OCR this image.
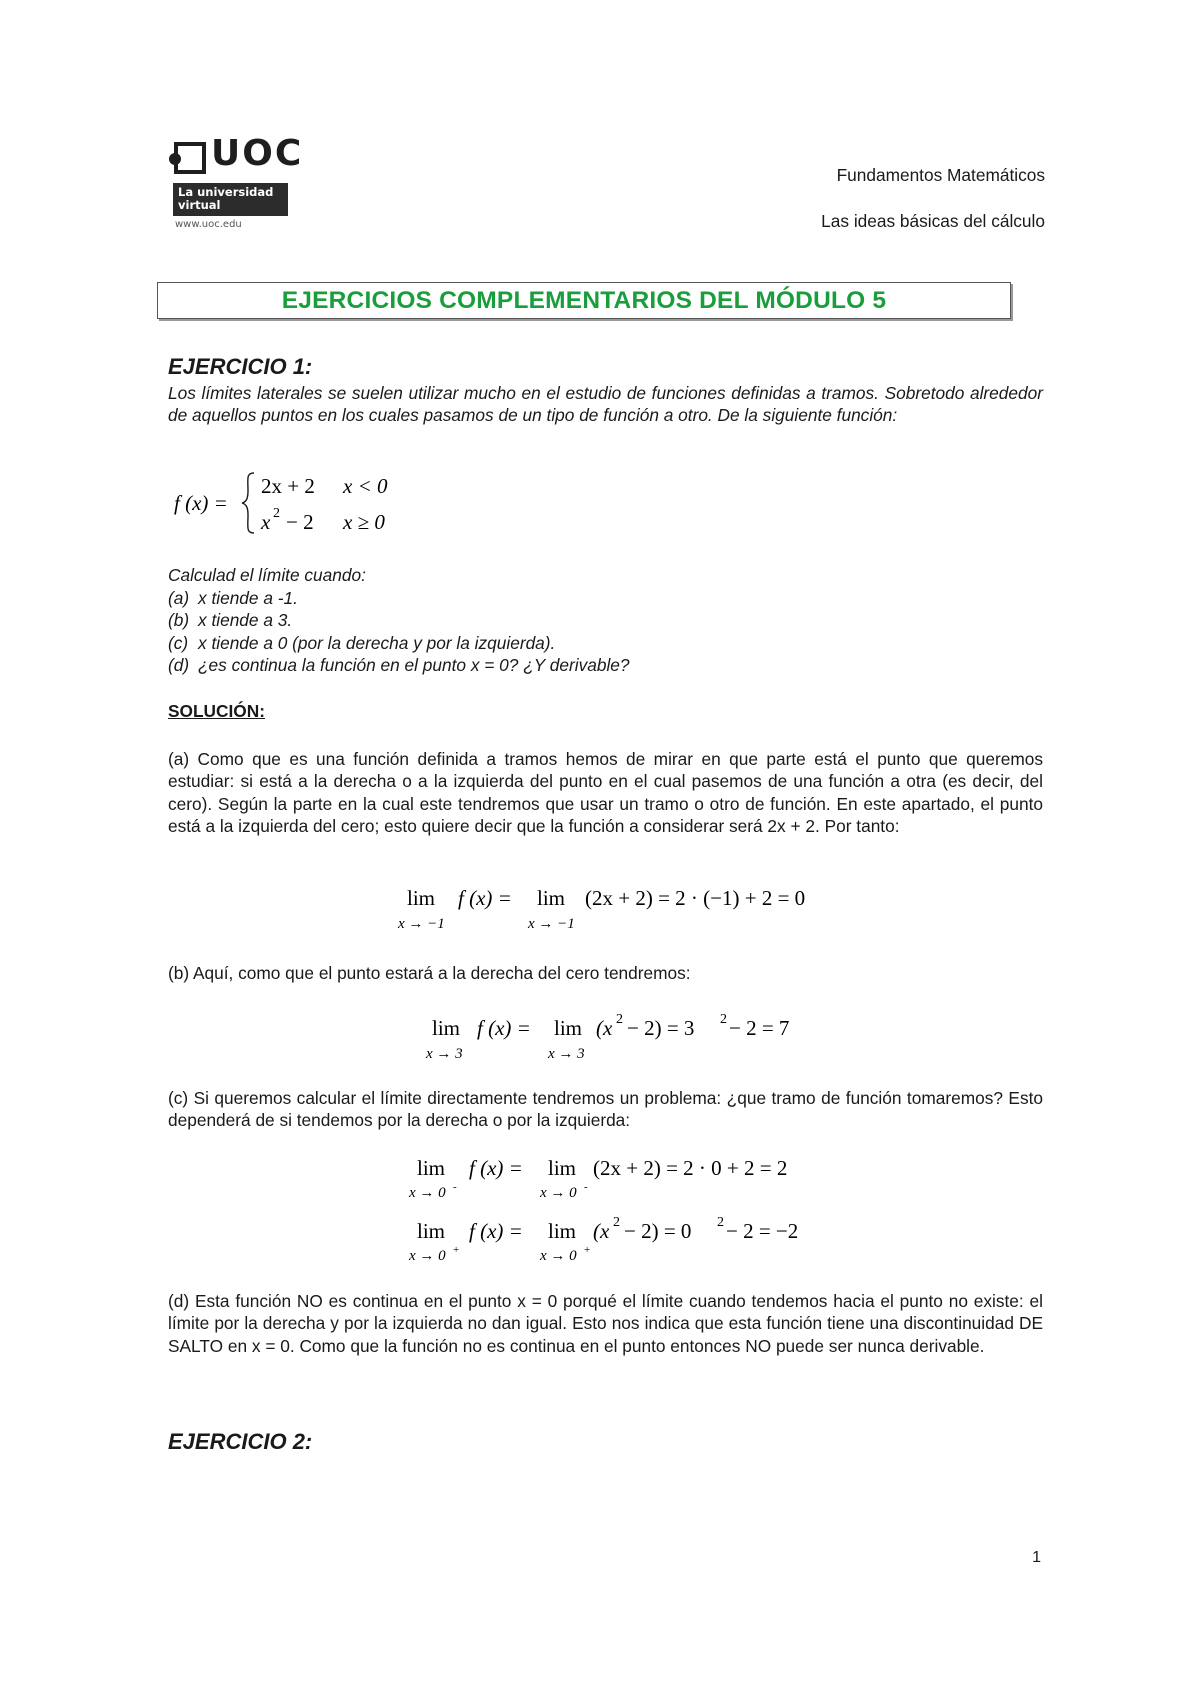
UOC
La universidad
virtual
www.uoc.edu
Fundamentos Matemáticos
Las ideas básicas del cálculo
EJERCICIOS COMPLEMENTARIOS DEL MÓDULO 5
EJERCICIO 1:
Los límites laterales se suelen utilizar mucho en el estudio de funciones definidas a tramos. Sobretodo alrededor de aquellos puntos en los cuales pasamos de un tipo de función a otro. De la siguiente función:
f (x) =
2x + 2 x < 0
x 2 − 2 x ≥ 0
Calculad el límite cuando:
(a) x tiende a -1.
(b) x tiende a 3.
(c) x tiende a 0 (por la derecha y por la izquierda).
(d) ¿es continua la función en el punto x = 0? ¿Y derivable?
SOLUCIÓN:
(a) Como que es una función definida a tramos hemos de mirar en que parte está el punto que queremos estudiar: si está a la derecha o a la izquierda del punto en el cual pasemos de una función a otra (es decir, del cero). Según la parte en la cual este tendremos que usar un tramo o otro de función. En este apartado, el punto está a la izquierda del cero; esto quiere decir que la función a considerar será 2x + 2. Por tanto:
lim
x → −1
f (x) = lim
x → −1
(2x + 2) = 2 · (−1) + 2 = 0
(b) Aquí, como que el punto estará a la derecha del cero tendremos:
lim
x → 3
f (x) = lim
x → 3
(x 2 − 2) = 3 2 − 2 = 7
(c) Si queremos calcular el límite directamente tendremos un problema: ¿que tramo de función tomaremos? Esto dependerá de si tendemos por la derecha o por la izquierda:
lim
x → 0 -
f (x) = lim
x → 0 -
(2x + 2) = 2 · 0 + 2 = 2
lim
x → 0 +
f (x) = lim
x → 0 +
(x 2 − 2) = 0 2 − 2 = −2
(d) Esta función NO es continua en el punto x = 0 porqué el límite cuando tendemos hacia el punto no existe: el límite por la derecha y por la izquierda no dan igual. Esto nos indica que esta función tiene una discontinuidad DE SALTO en x = 0. Como que la función no es continua en el punto entonces NO puede ser nunca derivable.
EJERCICIO 2:
1
